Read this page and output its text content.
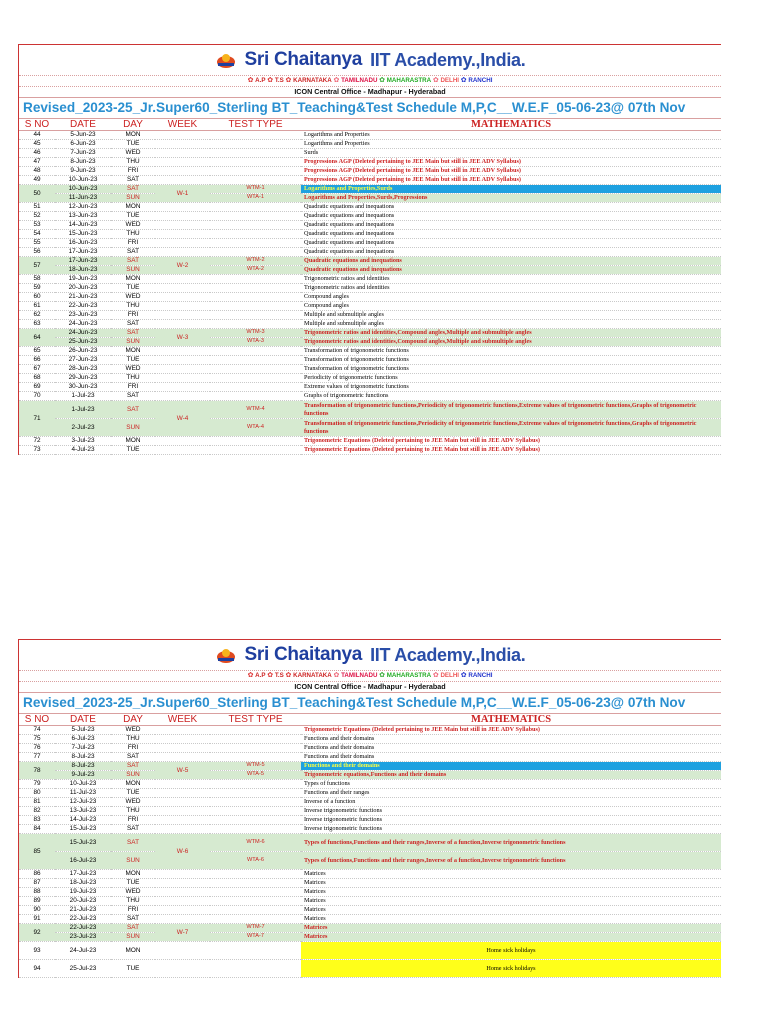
Sri Chaitanya IIT Academy.,India.
✿ A.P ✿ T.S ✿ KARNATAKA ✿ TAMILNADU ✿ MAHARASTRA ✿ DELHI ✿ RANCHI
ICON Central Office - Madhapur - Hyderabad
Revised_2023-25_Jr.Super60_Sterling BT_Teaching&Test Schedule M,P,C__W.E.F_05-06-23@ 07th Nov
S NO	DATE	DAY	WEEK	TEST TYPE	MATHEMATICS
44	5-Jun-23	MON			Logarithms and Properties
45	6-Jun-23	TUE			Logarithms and Properties
46	7-Jun-23	WED			Surds
47	8-Jun-23	THU			Progressions AGP (Deleted pertaining to JEE Main but still in JEE ADV Syllabus)
48	9-Jun-23	FRI			Progressions AGP (Deleted pertaining to JEE Main but still in JEE ADV Syllabus)
49	10-Jun-23	SAT			Progressions AGP (Deleted pertaining to JEE Main but still in JEE ADV Syllabus)
50	10-Jun-23	SAT	W-1	WTM-1	Logarithms and Properties,Surds
	11-Jun-23	SUN		WTA-1	Logarithms and Properties,Surds,Progressions
51	12-Jun-23	MON			Quadratic equations and inequations
52	13-Jun-23	TUE			Quadratic equations and inequations
53	14-Jun-23	WED			Quadratic equations and inequations
54	15-Jun-23	THU			Quadratic equations and inequations
55	16-Jun-23	FRI			Quadratic equations and inequations
56	17-Jun-23	SAT			Quadratic equations and inequations
57	17-Jun-23	SAT	W-2	WTM-2	Quadratic equations and inequations
	18-Jun-23	SUN		WTA-2	Quadratic equations and inequations
58	19-Jun-23	MON			Trigonometric ratios and identities
59	20-Jun-23	TUE			Trigonometric ratios and identities
60	21-Jun-23	WED			Compound angles
61	22-Jun-23	THU			Compound angles
62	23-Jun-23	FRI			Multiple and submultiple angles
63	24-Jun-23	SAT			Multiple and submultiple angles
64	24-Jun-23	SAT	W-3	WTM-3	Trigonometric ratios and identities,Compound angles,Multiple and submultiple angles
	25-Jun-23	SUN		WTA-3	Trigonometric ratios and identities,Compound angles,Multiple and submultiple angles
65	26-Jun-23	MON			Transformation of trigonometric functions
66	27-Jun-23	TUE			Transformation of trigonometric functions
67	28-Jun-23	WED			Transformation of trigonometric functions
68	29-Jun-23	THU			Periodicity of trigonometric functions
69	30-Jun-23	FRI			Extreme values of trigonometric functions
70	1-Jul-23	SAT			Graphs of trigonometric functions
71	1-Jul-23	SAT	W-4	WTM-4	Transformation of trigonometric functions,Periodicity of trigonometric functions,Extreme values of trigonometric functions,Graphs of trigonometric functions
	2-Jul-23	SUN		WTA-4	Transformation of trigonometric functions,Periodicity of trigonometric functions,Extreme values of trigonometric functions,Graphs of trigonometric functions
72	3-Jul-23	MON			Trigonometric Equations (Deleted pertaining to JEE Main but still in JEE ADV Syllabus)
73	4-Jul-23	TUE			Trigonometric Equations (Deleted pertaining to JEE Main but still in JEE ADV Syllabus)
Sri Chaitanya IIT Academy.,India.
✿ A.P ✿ T.S ✿ KARNATAKA ✿ TAMILNADU ✿ MAHARASTRA ✿ DELHI ✿ RANCHI
ICON Central Office - Madhapur - Hyderabad
Revised_2023-25_Jr.Super60_Sterling BT_Teaching&Test Schedule M,P,C__W.E.F_05-06-23@ 07th Nov
S NO	DATE	DAY	WEEK	TEST TYPE	MATHEMATICS
74	5-Jul-23	WED			Trigonometric Equations (Deleted pertaining to JEE Main but still in JEE ADV Syllabus)
75	6-Jul-23	THU			Functions and their domains
76	7-Jul-23	FRI			Functions and their domains
77	8-Jul-23	SAT			Functions and their domains
78	8-Jul-23	SAT	W-5	WTM-5	Functions and their domains
	9-Jul-23	SUN		WTA-5	Trigonometric equations,Functions and their domains
79	10-Jul-23	MON			Types of functions
80	11-Jul-23	TUE			Functions and their ranges
81	12-Jul-23	WED			Inverse of a function
82	13-Jul-23	THU			Inverse trigonometric functions
83	14-Jul-23	FRI			Inverse trigonometric functions
84	15-Jul-23	SAT			Inverse trigonometric functions
85	15-Jul-23	SAT	W-6	WTM-6	Types of functions,Functions and their ranges,Inverse of a function,Inverse trigonometric functions
	16-Jul-23	SUN		WTA-6	Types of functions,Functions and their ranges,Inverse of a function,Inverse trigonometric functions
86	17-Jul-23	MON			Matrices
87	18-Jul-23	TUE			Matrices
88	19-Jul-23	WED			Matrices
89	20-Jul-23	THU			Matrices
90	21-Jul-23	FRI			Matrices
91	22-Jul-23	SAT			Matrices
92	22-Jul-23	SAT	W-7	WTM-7	Matrices
	23-Jul-23	SUN		WTA-7	Matrices
93	24-Jul-23	MON			Home sick holidays
94	25-Jul-23	TUE			Home sick holidays
